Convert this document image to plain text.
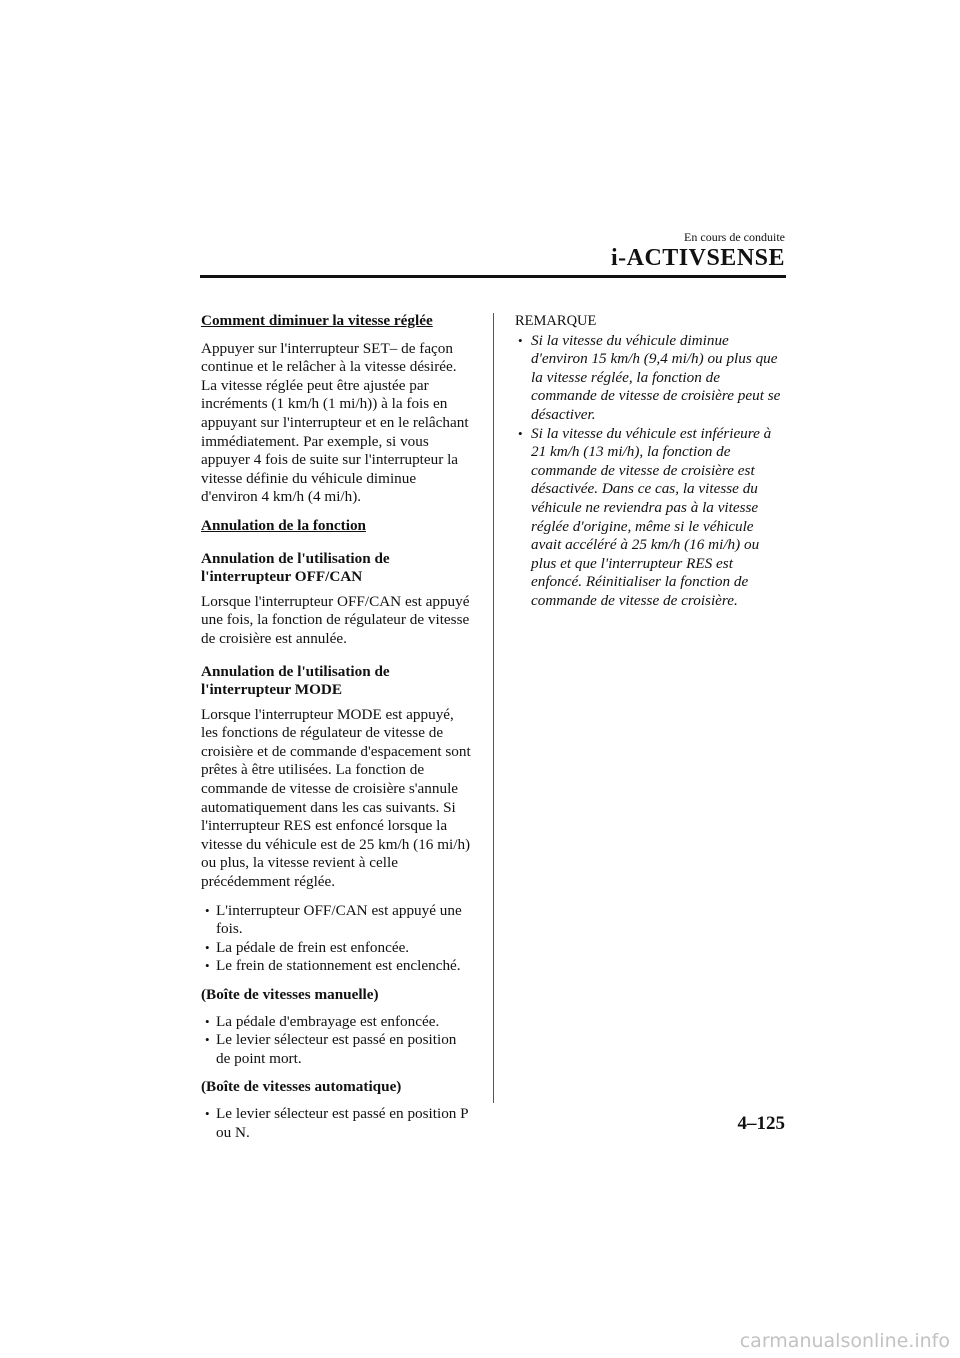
En cours de conduite
i-ACTIVSENSE

Comment diminuer la vitesse réglée

Appuyer sur l'interrupteur SET– de façon continue et le relâcher à la vitesse désirée. La vitesse réglée peut être ajustée par incréments (1 km/h (1 mi/h)) à la fois en appuyant sur l'interrupteur et en le relâchant immédiatement. Par exemple, si vous appuyer 4 fois de suite sur l'interrupteur la vitesse définie du véhicule diminue d'environ 4 km/h (4 mi/h).

Annulation de la fonction

Annulation de l'utilisation de l'interrupteur OFF/CAN

Lorsque l'interrupteur OFF/CAN est appuyé une fois, la fonction de régulateur de vitesse de croisière est annulée.

Annulation de l'utilisation de l'interrupteur MODE

Lorsque l'interrupteur MODE est appuyé, les fonctions de régulateur de vitesse de croisière et de commande d'espacement sont prêtes à être utilisées. La fonction de commande de vitesse de croisière s'annule automatiquement dans les cas suivants. Si l'interrupteur RES est enfoncé lorsque la vitesse du véhicule est de 25 km/h (16 mi/h) ou plus, la vitesse revient à celle précédemment réglée.

• L'interrupteur OFF/CAN est appuyé une fois.
• La pédale de frein est enfoncée.
• Le frein de stationnement est enclenché.

(Boîte de vitesses manuelle)

• La pédale d'embrayage est enfoncée.
• Le levier sélecteur est passé en position de point mort.

(Boîte de vitesses automatique)

• Le levier sélecteur est passé en position P ou N.

REMARQUE

• Si la vitesse du véhicule diminue d'environ 15 km/h (9,4 mi/h) ou plus que la vitesse réglée, la fonction de commande de vitesse de croisière peut se désactiver.
• Si la vitesse du véhicule est inférieure à 21 km/h (13 mi/h), la fonction de commande de vitesse de croisière est désactivée. Dans ce cas, la vitesse du véhicule ne reviendra pas à la vitesse réglée d'origine, même si le véhicule avait accéléré à 25 km/h (16 mi/h) ou plus et que l'interrupteur RES est enfoncé. Réinitialiser la fonction de commande de vitesse de croisière.
4–125
carmanualsonline.info
